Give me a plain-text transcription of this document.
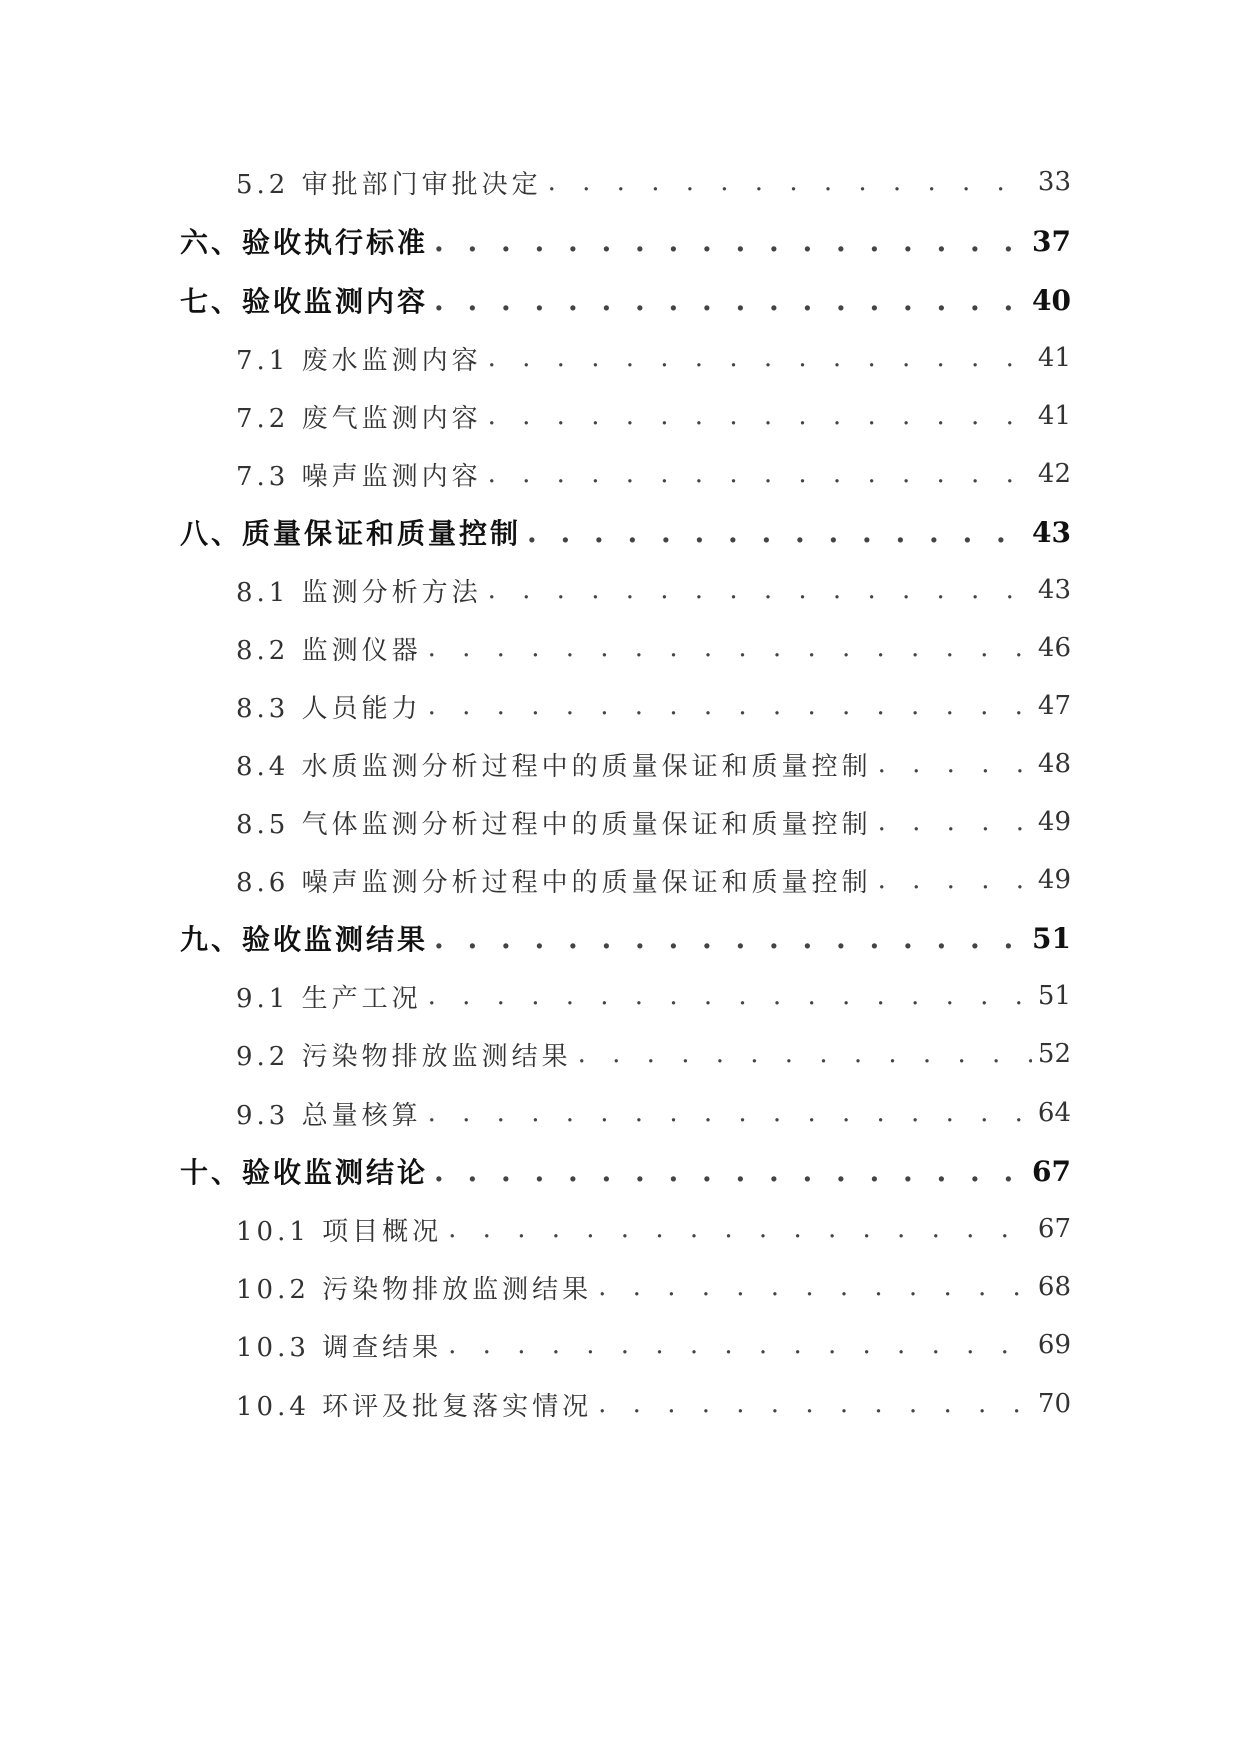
5.2 审批部门审批决定 . . .	33
六、验收执行标准 . . .	37
七、验收监测内容 . . .	40
7.1 废水监测内容 . . .	41
7.2 废气监测内容 . . .	41
7.3 噪声监测内容 . . .	42
八、质量保证和质量控制 . . .	43
8.1 监测分析方法 . . .	43
8.2 监测仪器 . . .	46
8.3 人员能力 . . .	47
8.4 水质监测分析过程中的质量保证和质量控制 . . .	48
8.5 气体监测分析过程中的质量保证和质量控制 . . .	49
8.6 噪声监测分析过程中的质量保证和质量控制 . . .	49
九、验收监测结果 . . .	51
9.1 生产工况 . . .	51
9.2 污染物排放监测结果 . . .	52
9.3 总量核算 . . .	64
十、验收监测结论 . . .	67
10.1 项目概况 . . .	67
10.2 污染物排放监测结果 . . .	68
10.3 调查结果 . . .	69
10.4 环评及批复落实情况 . . .	70
